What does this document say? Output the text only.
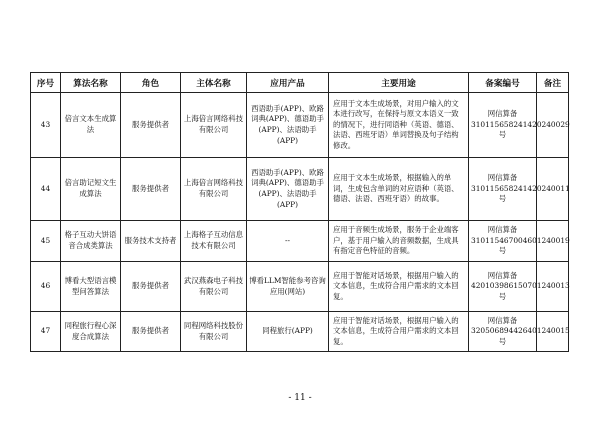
序号	算法名称	角色	主体名称	应用产品	主要用途	备案编号	备注
43	倍言文本生成算法	服务提供者	上海倍言网络科技有限公司	西语助手(APP)、欧路词典(APP)、德语助手(APP)、法语助手(APP)	应用于文本生成场景，对用户输入的文本进行改写，在保持与原文本语义一致的情况下，进行同语种（英语、德语、法语、西班牙语）单词替换及句子结构修改。	网信算备310115658241420240029号	
44	倍言助记短文生成算法	服务提供者	上海倍言网络科技有限公司	西语助手(APP)、欧路词典(APP)、德语助手(APP)、法语助手(APP)	应用于文本生成场景，根据输入的单词，生成包含单词的对应语种（英语、德语、法语、西班牙语）的故事。	网信算备310115658241420240011号	
45	格子互动大饼语音合成类算法	服务技术支持者	上海格子互动信息技术有限公司	--	应用于音频生成场景，服务于企业端客户，基于用户输入的音频数据，生成具有指定音色特征的音频。	网信算备310115467004601240019号	
46	博看大型语言模型问答算法	服务提供者	武汉燕森电子科技有限公司	博看LLM智能参考咨询应用(网站)	应用于智能对话场景，根据用户输入的文本信息，生成符合用户需求的文本回复。	网信算备420103986150701240013号	
47	同程旅行程心深度合成算法	服务提供者	同程网络科技股份有限公司	同程旅行(APP)	应用于智能对话场景，根据用户输入的文本信息，生成符合用户需求的文本回复。	网信算备320506894426401240015号	
- 11 -
